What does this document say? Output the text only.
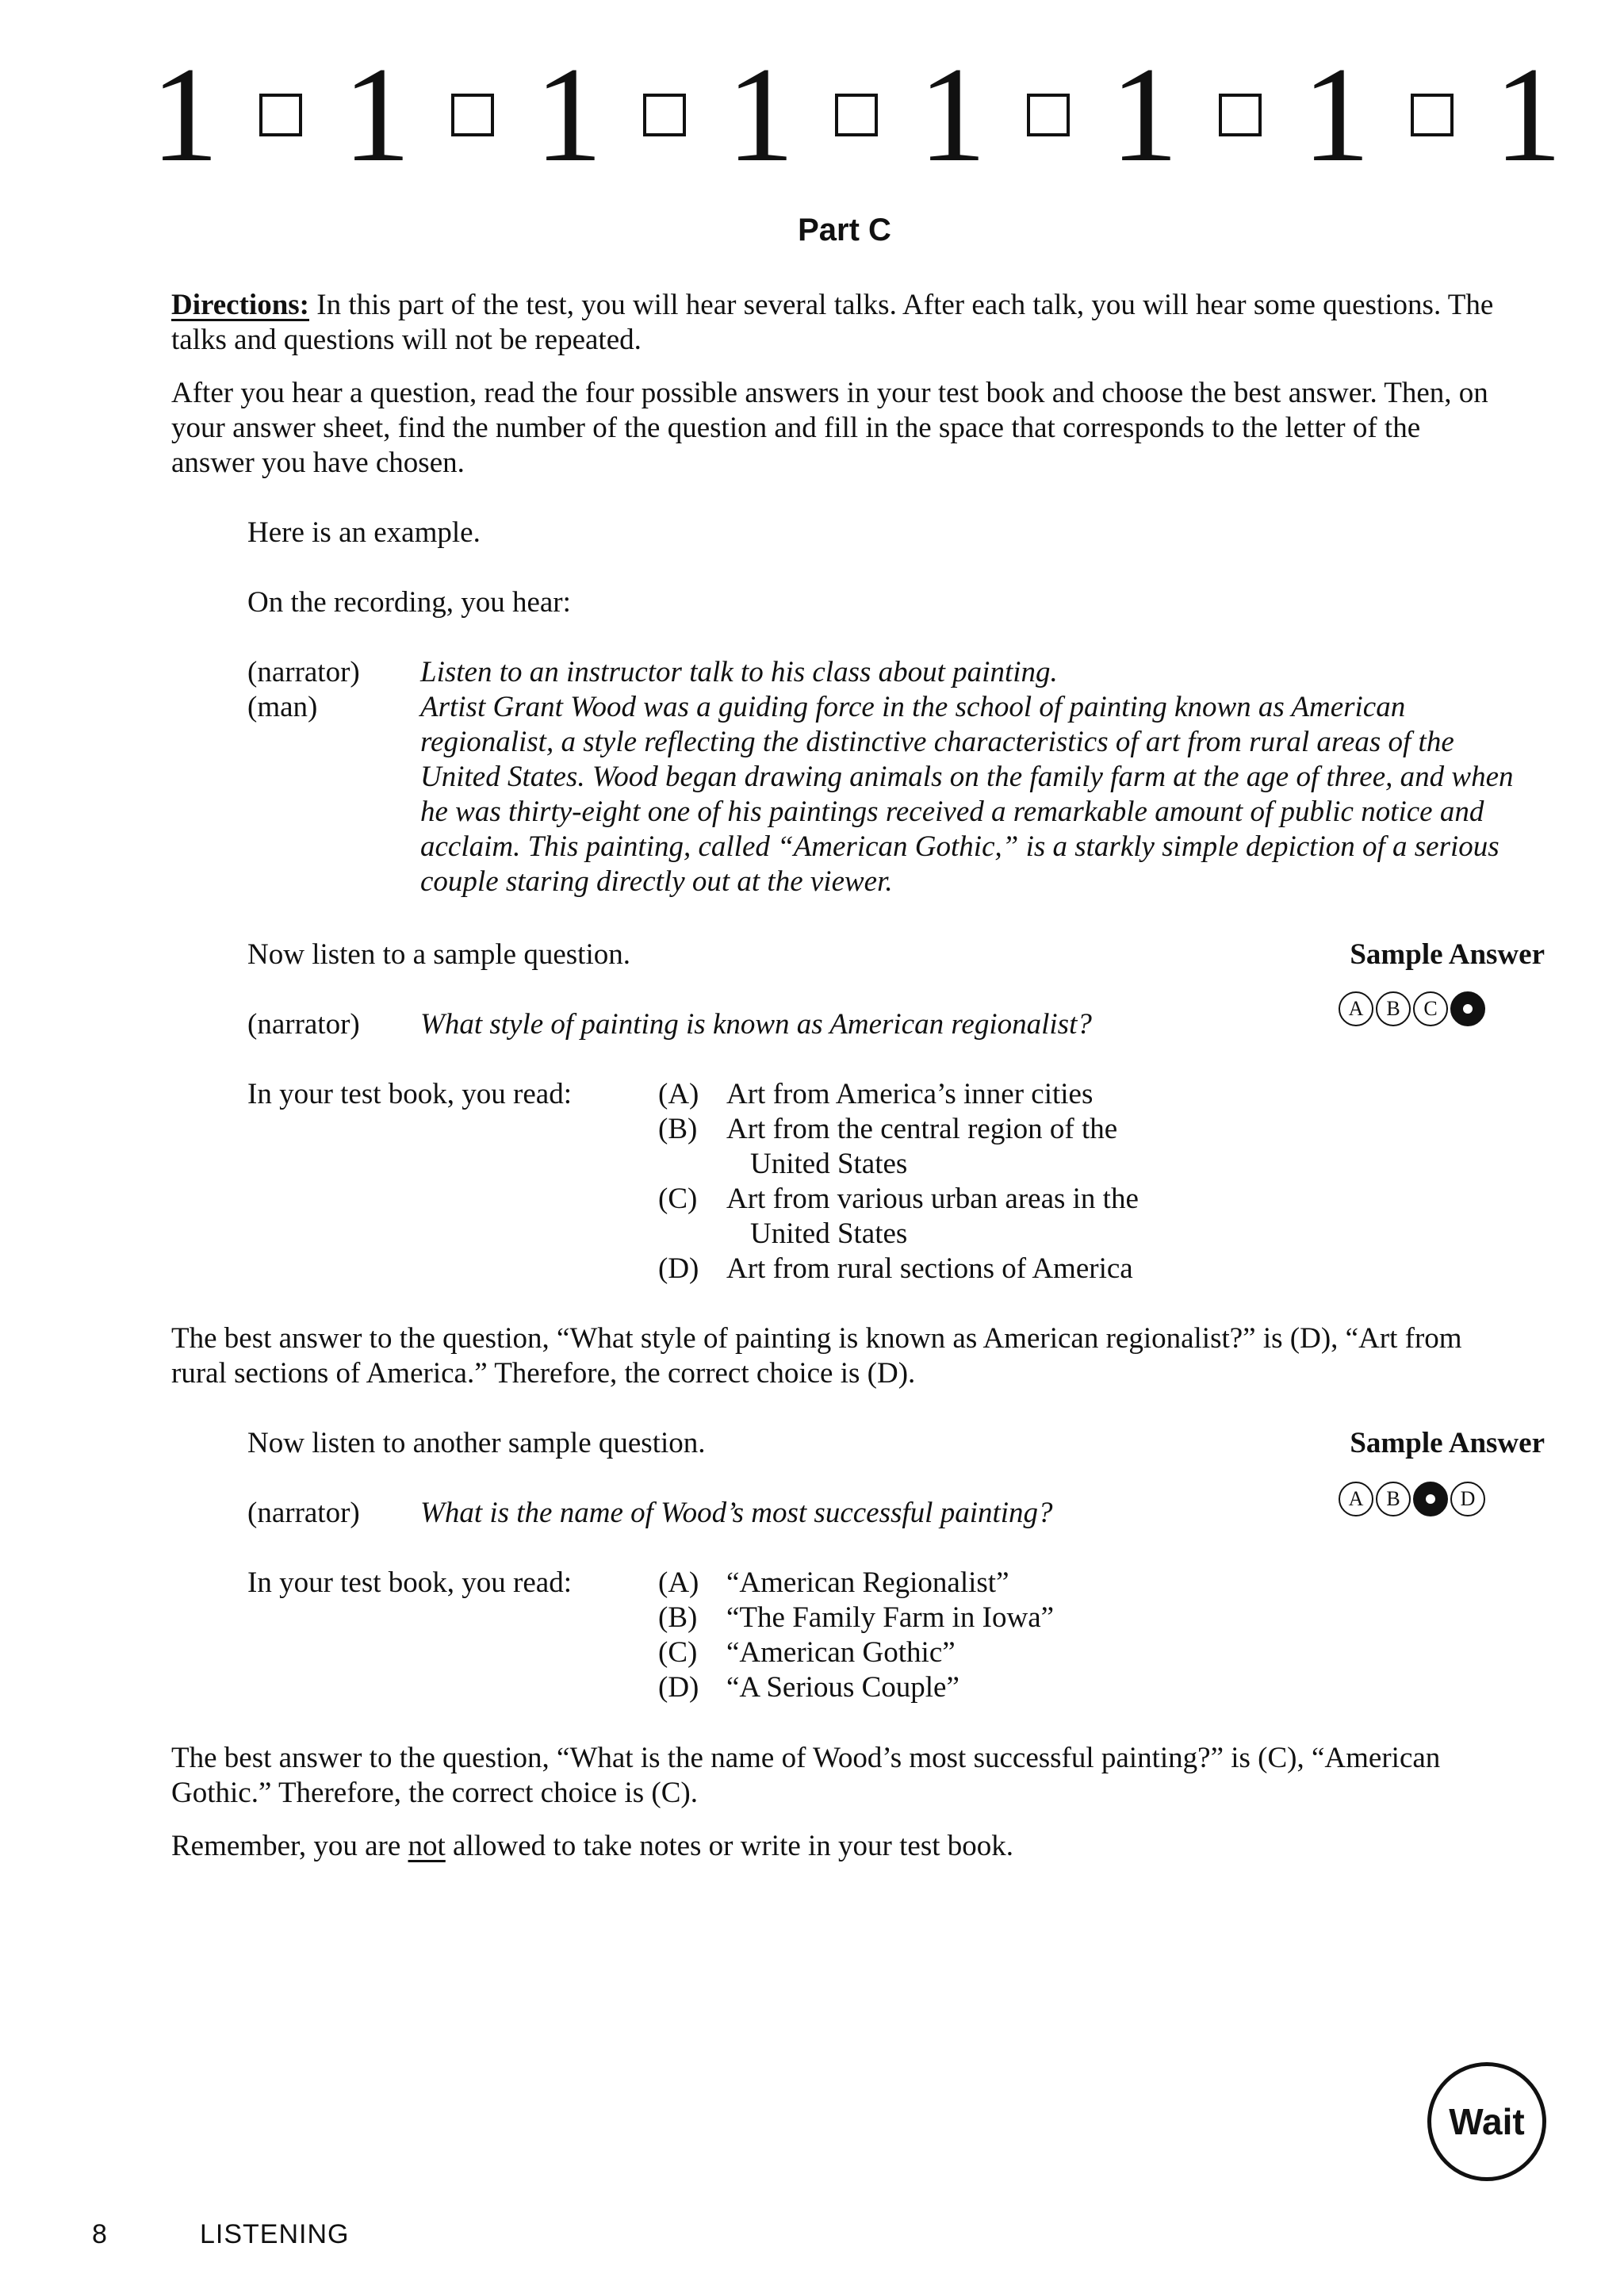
1 1 1 1 1 1 1 1
Part C

Directions: In this part of the test, you will hear several talks. After each talk, you will hear some questions. The talks and questions will not be repeated.

After you hear a question, read the four possible answers in your test book and choose the best answer. Then, on your answer sheet, find the number of the question and fill in the space that corresponds to the letter of the answer you have chosen.

Here is an example.

On the recording, you hear:

(narrator)	Listen to an instructor talk to his class about painting.
(man)	Artist Grant Wood was a guiding force in the school of painting known as American regionalist, a style reflecting the distinctive characteristics of art from rural areas of the United States. Wood began drawing animals on the family farm at the age of three, and when he was thirty-eight one of his paintings received a remarkable amount of public notice and acclaim. This painting, called “American Gothic,” is a starkly simple depiction of a serious couple staring directly out at the viewer.

Now listen to a sample question.	Sample Answer
(narrator)	What style of painting is known as American regionalist?	A B C

In your test book, you read:	(A) Art from America’s inner cities
(B) Art from the central region of the
United States
(C) Art from various urban areas in the
United States
(D) Art from rural sections of America

The best answer to the question, “What style of painting is known as American regionalist?” is (D), “Art from rural sections of America.” Therefore, the correct choice is (D).

Now listen to another sample question.	Sample Answer
(narrator)	What is the name of Wood’s most successful painting?	A B	D

In your test book, you read:	(A) “American Regionalist”
(B) “The Family Farm in Iowa”
(C) “American Gothic”
(D) “A Serious Couple”

The best answer to the question, “What is the name of Wood’s most successful painting?” is (C), “American Gothic.” Therefore, the correct choice is (C).

Remember, you are not allowed to take notes or write in your test book.

Wait
8	LISTENING
